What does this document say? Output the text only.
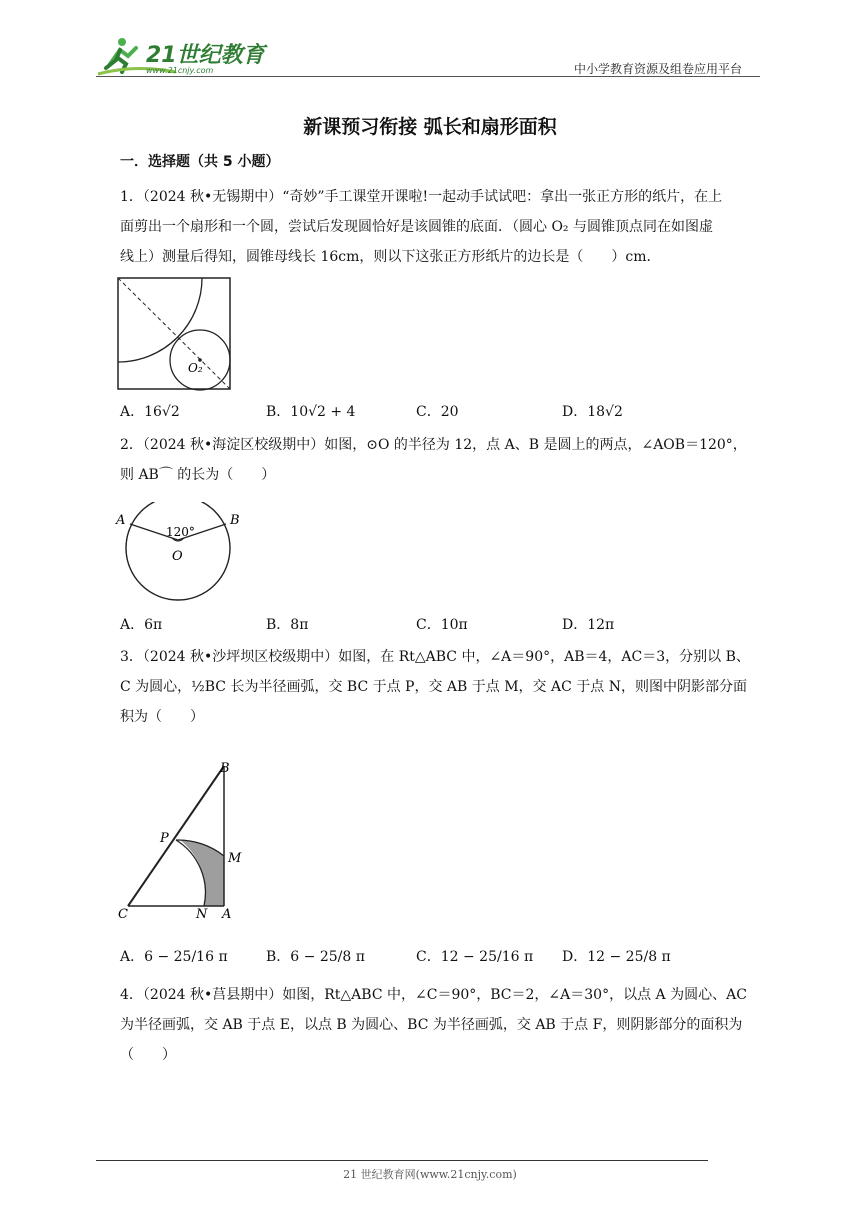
21世纪教育
www.21cnjy.com	中小学教育资源及组卷应用平台
新课预习衔接 弧长和扇形面积
一．选择题（共 5 小题）
1．（2024 秋•无锡期中）“奇妙”手工课堂开课啦!一起动手试试吧：拿出一张正方形的纸片，在上
面剪出一个扇形和一个圆，尝试后发现圆恰好是该圆锥的底面．（圆心 O₂ 与圆锥顶点同在如图虚
线上）测量后得知，圆锥母线长 16cm，则以下这张正方形纸片的边长是（　　）cm．
O₂
A．16√2	B．10√2 + 4	C．20	D．18√2
2．（2024 秋•海淀区校级期中）如图，⊙O 的半径为 12，点 A、B 是圆上的两点，∠AOB＝120°，
则 AB⌒ 的长为（　　）
A	B
120°
O
A．6π	B．8π	C．10π	D．12π
3．（2024 秋•沙坪坝区校级期中）如图，在 Rt△ABC 中，∠A＝90°，AB＝4，AC＝3，分别以 B、
C 为圆心，½BC 长为半径画弧，交 BC 于点 P，交 AB 于点 M，交 AC 于点 N，则图中阴影部分面
积为（　　）
B
P
M
C	N A
A．6 − 25/16 π	B．6 − 25/8 π	C．12 − 25/16 π D．12 − 25/8 π
4．（2024 秋•莒县期中）如图，Rt△ABC 中，∠C＝90°，BC＝2，∠A＝30°，以点 A 为圆心、AC
为半径画弧，交 AB 于点 E，以点 B 为圆心、BC 为半径画弧，交 AB 于点 F，则阴影部分的面积为
（　　）
21 世纪教育网(www.21cnjy.com)
